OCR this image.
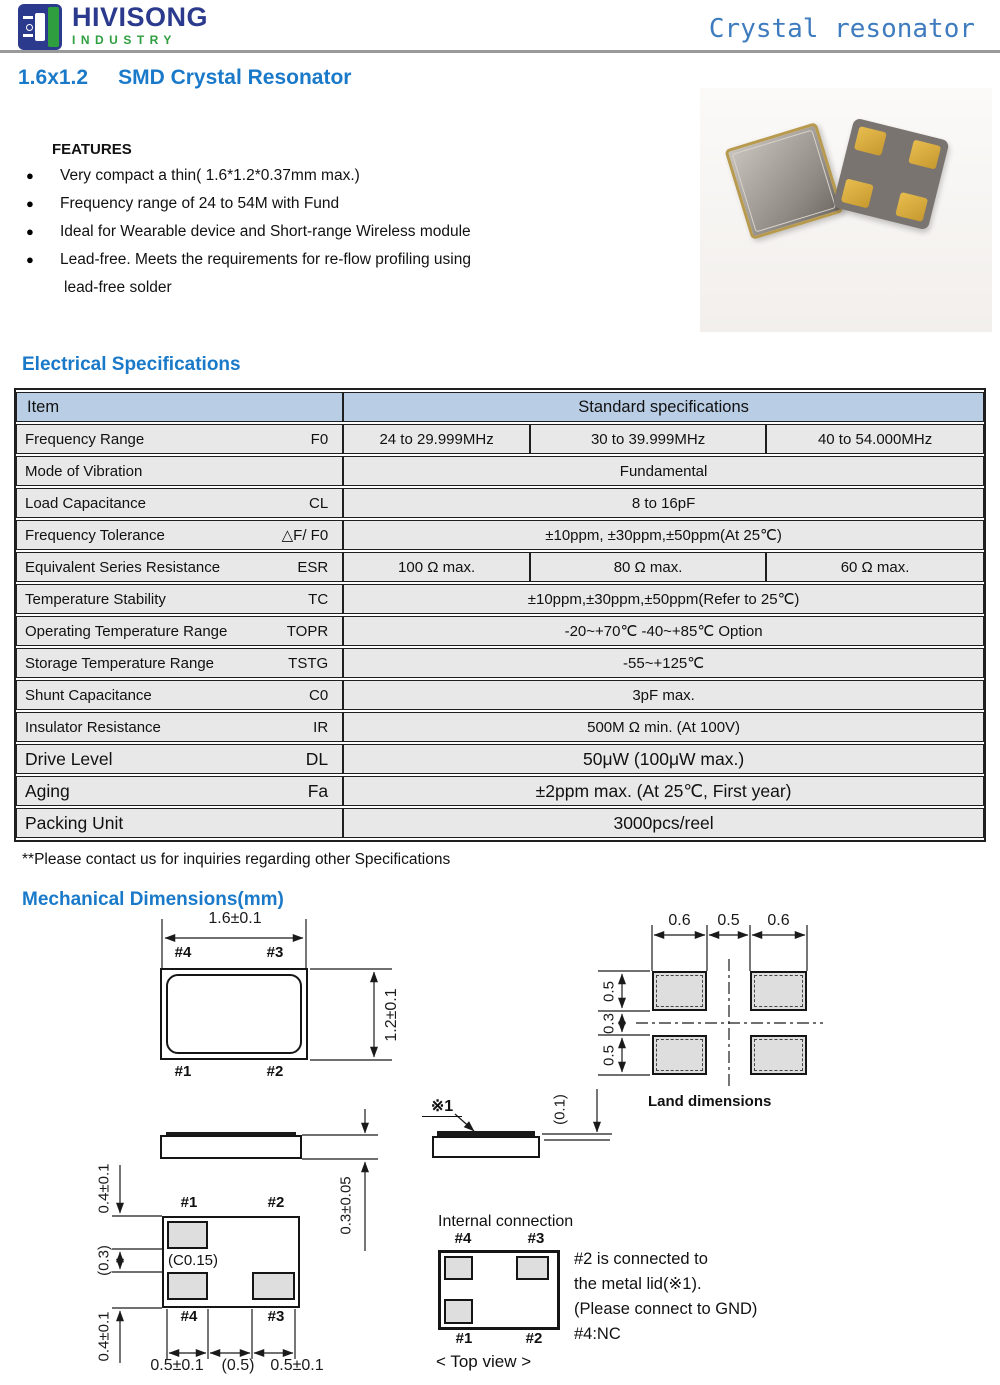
HIVISONG
INDUSTRY	Crystal resonator
1.6x1.2 SMD Crystal Resonator
FEATURES
●	Very compact a thin( 1.6*1.2*0.37mm max.)
●	Frequency range of 24 to 54M with Fund
●	Ideal for Wearable device and Short-range Wireless module
●	Lead-free. Meets the requirements for re-flow profiling using
lead-free solder
Electrical Specifications
Item	Standard specifications		

Frequency Range F0	24 to 29.999MHz	30 to 39.999MHz	40 to 54.000MHz

Mode of Vibration	Fundamental		

Load Capacitance CL	8 to 16pF		

Frequency Tolerance △F/ F0	±10ppm, ±30ppm,±50ppm(At 25℃)		

Equivalent Series Resistance ESR	100 Ω max.	80 Ω max.	60 Ω max.

Temperature Stability TC	±10ppm,±30ppm,±50ppm(Refer to 25℃)		

Operating Temperature Range TOPR	-20~+70℃ -40~+85℃ Option		

Storage Temperature Range TSTG	-55~+125℃		

Shunt Capacitance C0	3pF max.		

Insulator Resistance IR	500M Ω min. (At 100V)		

Drive Level DL	50μW (100μW max.)		

Aging Fa	±2ppm max. (At 25℃, First year)		

Packing Unit	3000pcs/reel		
**Please contact us for inquiries regarding other Specifications
Mechanical Dimensions(mm)
1.6±0.1
#4	#3
#1	#2
1.2±0.1
0.6	0.5	0.6
0.5
0.3
0.5
Land dimensions
0.3±0.05
※1	(0.1)
#1	#2
(C0.15)
#4	#3
0.4±0.1
(0.3)
0.4±0.1
0.5±0.1	(0.5) 0.5±0.1
Internal connection
#4	#3
#1	#2
< Top view >
#2 is connected to
the metal lid(※1).
(Please connect to GND)
#4:NC
